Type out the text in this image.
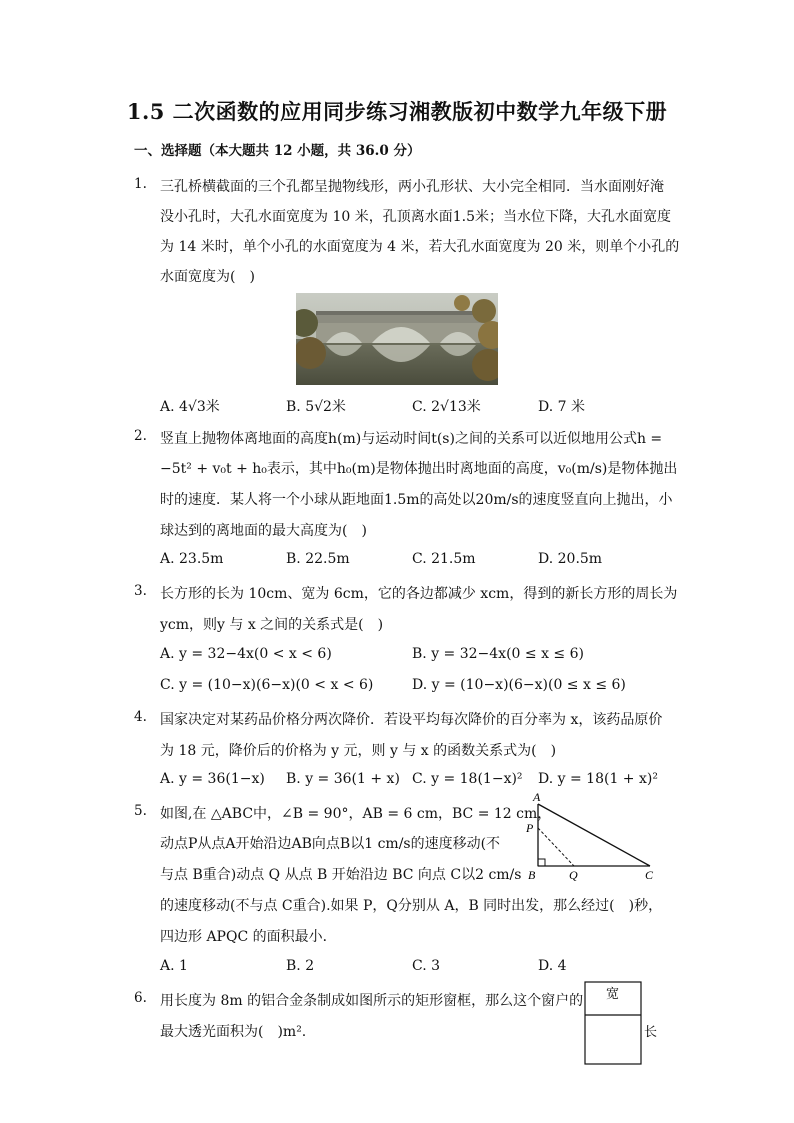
1.5 二次函数的应用同步练习湘教版初中数学九年级下册
一、选择题（本大题共 12 小题，共 36.0 分）
1. 三孔桥横截面的三个孔都呈抛物线形，两小孔形状、大小完全相同．当水面刚好淹
没小孔时，大孔水面宽度为 10 米，孔顶离水面1.5米；当水位下降，大孔水面宽度
为 14 米时，单个小孔的水面宽度为 4 米，若大孔水面宽度为 20 米，则单个小孔的
水面宽度为(　)
A. 4√3米	B. 5√2米	C. 2√13米	D. 7 米
2. 竖直上抛物体离地面的高度h(m)与运动时间t(s)之间的关系可以近似地用公式h =
−5t² + v₀t + h₀表示，其中h₀(m)是物体抛出时离地面的高度，v₀(m/s)是物体抛出
时的速度．某人将一个小球从距地面1.5m的高处以20m/s的速度竖直向上抛出，小
球达到的离地面的最大高度为(　)
A. 23.5m	B. 22.5m	C. 21.5m	D. 20.5m
3. 长方形的长为 10cm、宽为 6cm，它的各边都减少 xcm，得到的新长方形的周长为
ycm，则y 与 x 之间的关系式是(　)
A. y = 32−4x(0 < x < 6)	B. y = 32−4x(0 ≤ x ≤ 6)
C. y = (10−x)(6−x)(0 < x < 6)	D. y = (10−x)(6−x)(0 ≤ x ≤ 6)
4. 国家决定对某药品价格分两次降价．若设平均每次降价的百分率为 x，该药品原价
为 18 元，降价后的价格为 y 元，则 y 与 x 的函数关系式为(　)
A. y = 36(1−x) B. y = 36(1 + x) C. y = 18(1−x)² D. y = 18(1 + x)²
5. 如图,在 △ABC中，∠B = 90°，AB = 6 cm，BC = 12 cm，
动点P从点A开始沿边AB向点B以1 cm/s的速度移动(不
与点 B重合)动点 Q 从点 B 开始沿边 BC 向点 C以2 cm/s
的速度移动(不与点 C重合).如果 P，Q分别从 A，B 同时出发，那么经过(　)秒，
四边形 APQC 的面积最小．
A
P
B	Q	C
A. 1	B. 2	C. 3	D. 4
6. 用长度为 8m 的铝合金条制成如图所示的矩形窗框，那么这个窗户的
最大透光面积为(　)m².
宽
长
